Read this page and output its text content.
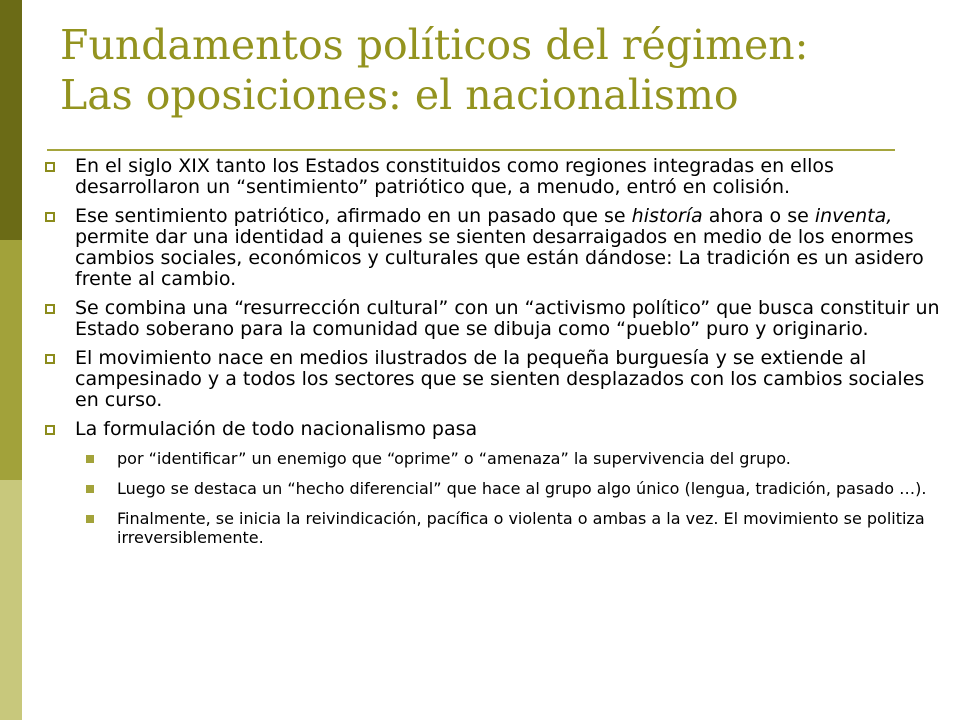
Fundamentos políticos del régimen:
Las oposiciones: el nacionalismo
En el siglo XIX tanto los Estados constituidos como regiones integradas en ellos desarrollaron un “sentimiento” patriótico que, a menudo, entró en colisión.
Ese sentimiento patriótico, afirmado en un pasado que se historía ahora o se inventa, permite dar una identidad a quienes se sienten desarraigados en medio de los enormes cambios sociales, económicos y culturales que están dándose: La tradición es un asidero frente al cambio.
Se combina una “resurrección cultural” con un “activismo político” que busca constituir un Estado soberano para la comunidad que se dibuja como “pueblo” puro y originario.
El movimiento nace en medios ilustrados de la pequeña burguesía y se extiende al campesinado y a todos los sectores que se sienten desplazados con los cambios sociales en curso.
La formulación de todo nacionalismo pasa
por “identificar” un enemigo que “oprime” o “amenaza” la supervivencia del grupo.
Luego se destaca un “hecho diferencial” que hace al grupo algo único (lengua, tradición, pasado …).
Finalmente, se inicia la reivindicación, pacífica o violenta o ambas a la vez. El movimiento se politiza irreversiblemente.
